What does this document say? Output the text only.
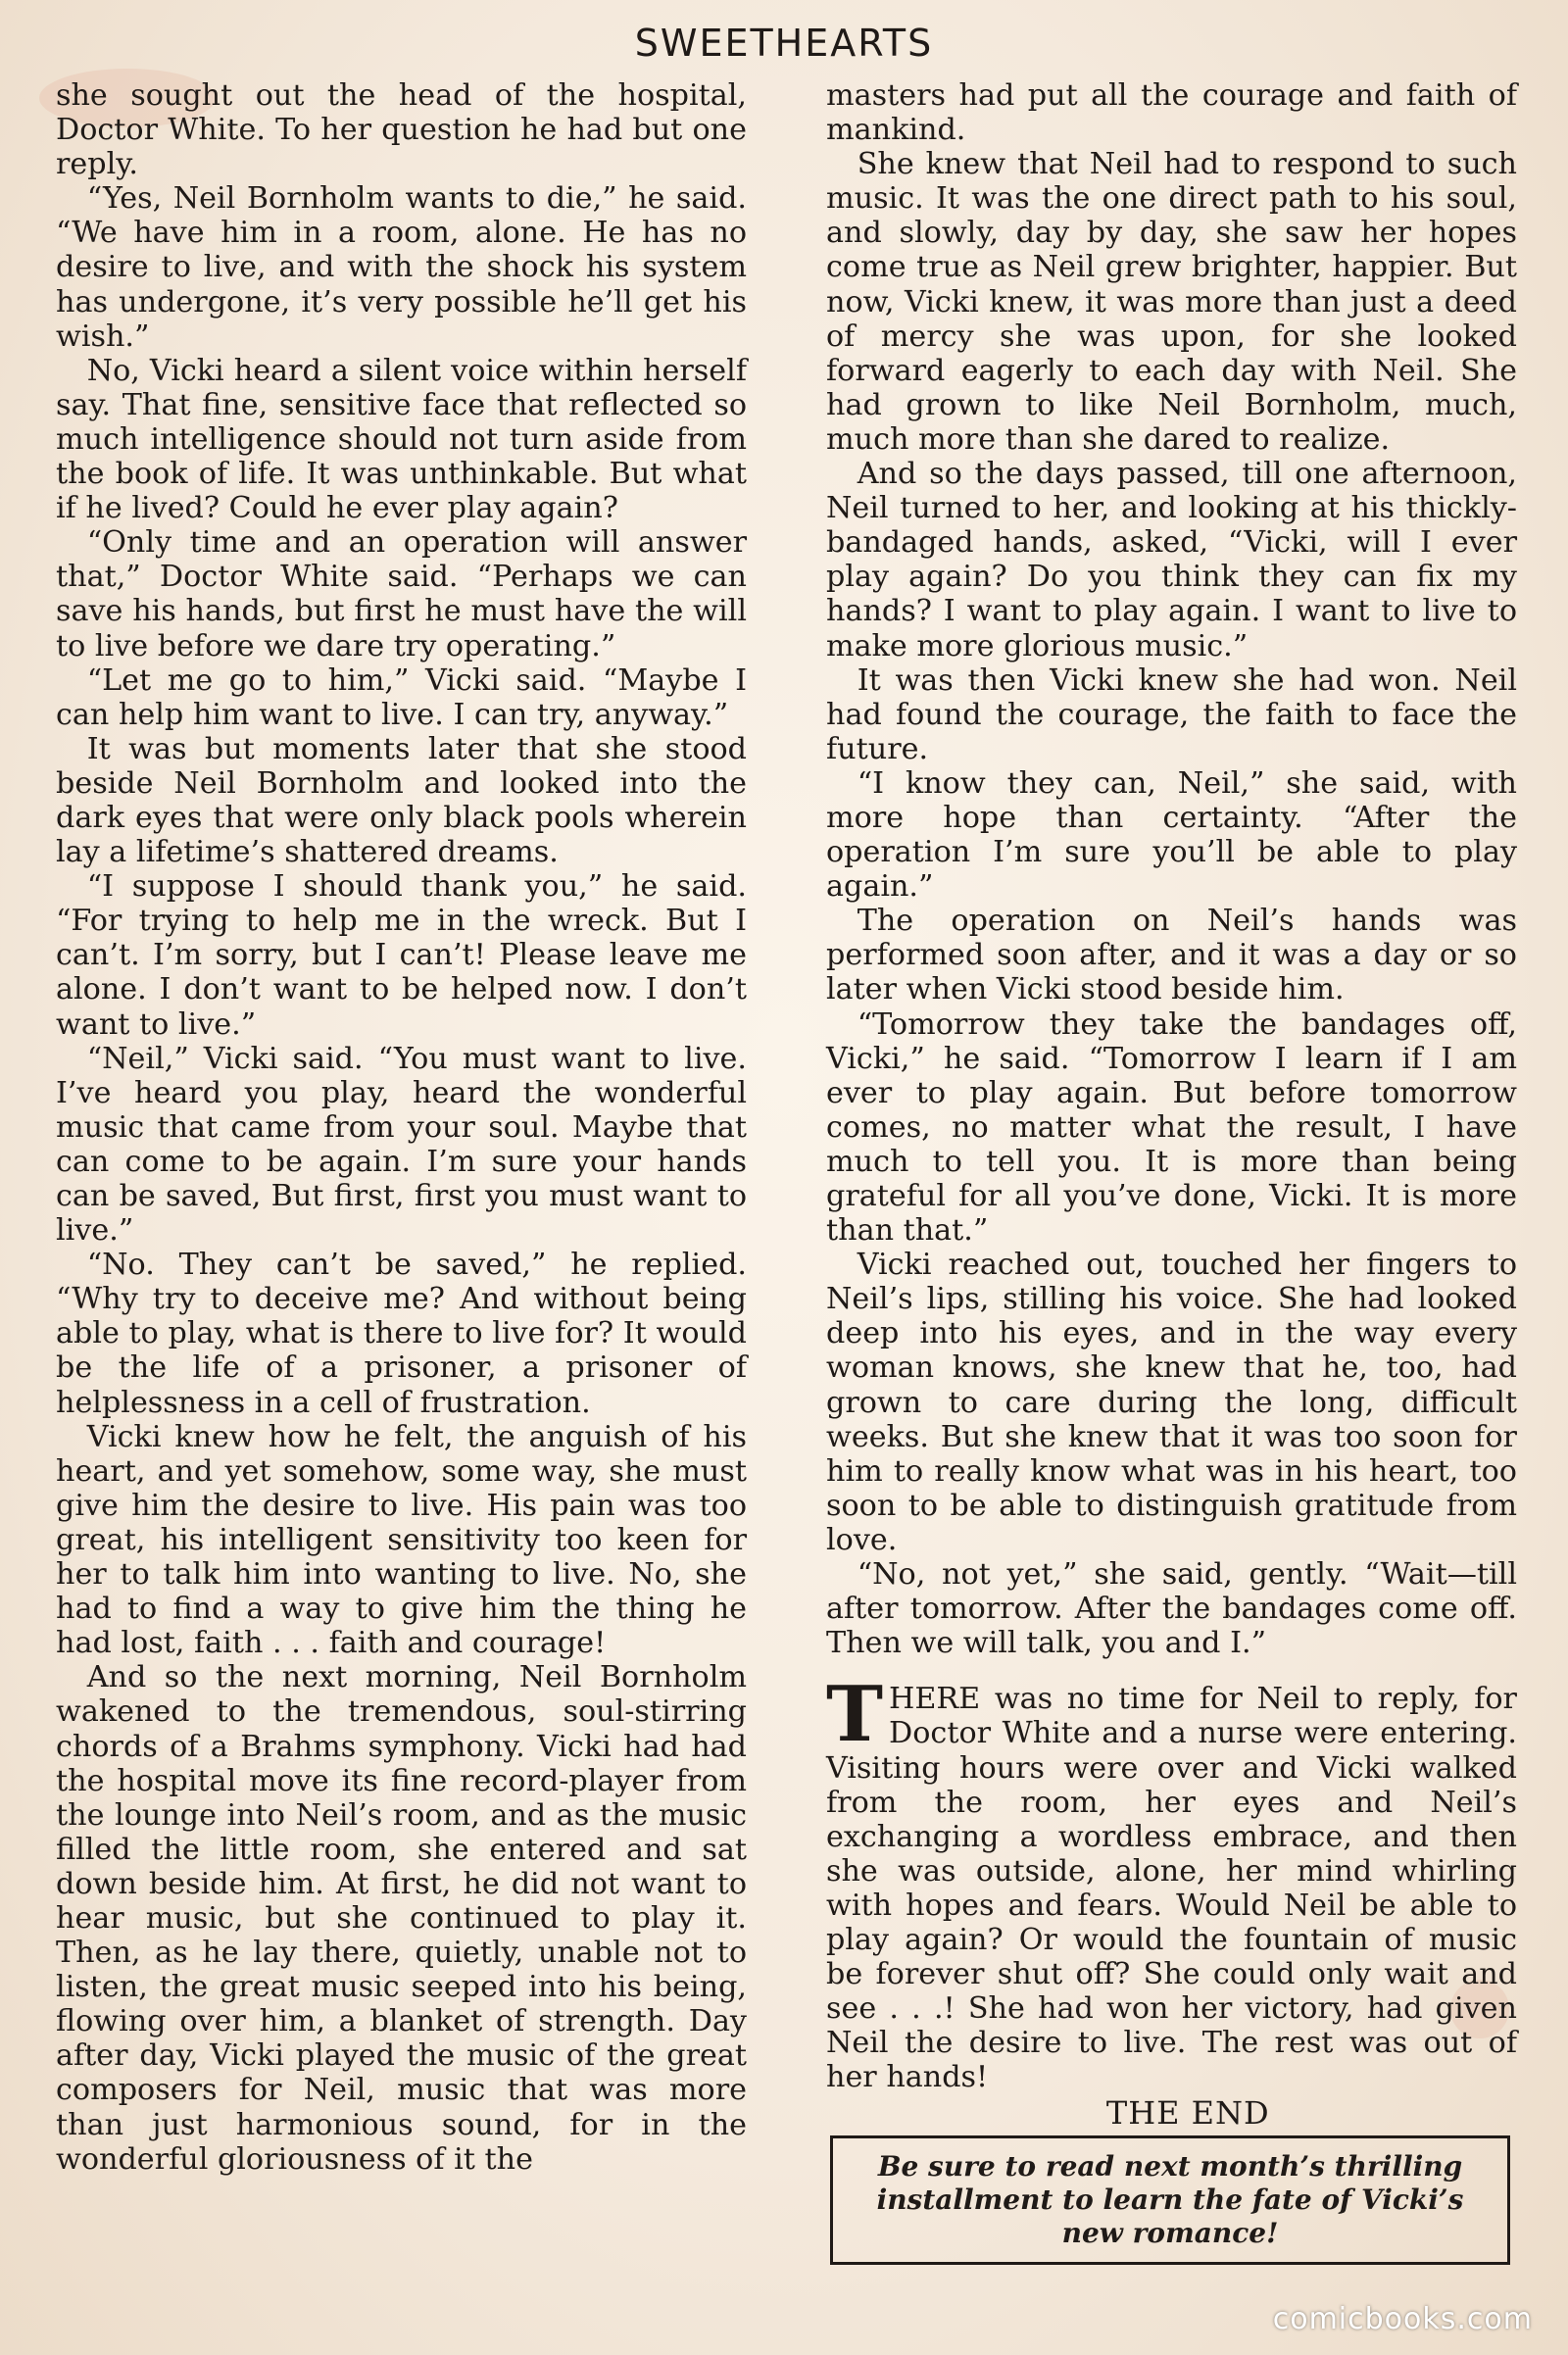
SWEETHEARTS

she sought out the head of the hospital, Doctor White. To her question he had but one reply.

“Yes, Neil Bornholm wants to die,” he said. “We have him in a room, alone. He has no desire to live, and with the shock his system has undergone, it’s very possible he’ll get his wish.”

No, Vicki heard a silent voice within herself say. That fine, sensitive face that reflected so much intelligence should not turn aside from the book of life. It was unthinkable. But what if he lived? Could he ever play again?

“Only time and an operation will answer that,” Doctor White said. “Perhaps we can save his hands, but first he must have the will to live before we dare try operating.”

“Let me go to him,” Vicki said. “Maybe I can help him want to live. I can try, anyway.”

It was but moments later that she stood beside Neil Bornholm and looked into the dark eyes that were only black pools wherein lay a lifetime’s shattered dreams.

“I suppose I should thank you,” he said. “For trying to help me in the wreck. But I can’t. I’m sorry, but I can’t! Please leave me alone. I don’t want to be helped now. I don’t want to live.”

“Neil,” Vicki said. “You must want to live. I’ve heard you play, heard the wonderful music that came from your soul. Maybe that can come to be again. I’m sure your hands can be saved, But first, first you must want to live.”

“No. They can’t be saved,” he replied. “Why try to deceive me? And without being able to play, what is there to live for? It would be the life of a prisoner, a prisoner of helplessness in a cell of frustration.

Vicki knew how he felt, the anguish of his heart, and yet somehow, some way, she must give him the desire to live. His pain was too great, his intelligent sensitivity too keen for her to talk him into wanting to live. No, she had to find a way to give him the thing he had lost, faith . . . faith and courage!

And so the next morning, Neil Bornholm wakened to the tremendous, soul-stirring chords of a Brahms symphony. Vicki had had the hospital move its fine record-player from the lounge into Neil’s room, and as the music filled the little room, she entered and sat down beside him. At first, he did not want to hear music, but she continued to play it. Then, as he lay there, quietly, unable not to listen, the great music seeped into his being, flowing over him, a blanket of strength. Day after day, Vicki played the music of the great composers for Neil, music that was more than just harmonious sound, for in the wonderful gloriousness of it the

masters had put all the courage and faith of mankind.

She knew that Neil had to respond to such music. It was the one direct path to his soul, and slowly, day by day, she saw her hopes come true as Neil grew brighter, happier. But now, Vicki knew, it was more than just a deed of mercy she was upon, for she looked forward eagerly to each day with Neil. She had grown to like Neil Bornholm, much, much more than she dared to realize.

And so the days passed, till one afternoon, Neil turned to her, and looking at his thickly-bandaged hands, asked, “Vicki, will I ever play again? Do you think they can fix my hands? I want to play again. I want to live to make more glorious music.”

It was then Vicki knew she had won. Neil had found the courage, the faith to face the future.

“I know they can, Neil,” she said, with more hope than certainty. “After the operation I’m sure you’ll be able to play again.”

The operation on Neil’s hands was performed soon after, and it was a day or so later when Vicki stood beside him.

“Tomorrow they take the bandages off, Vicki,” he said. “Tomorrow I learn if I am ever to play again. But before tomorrow comes, no matter what the result, I have much to tell you. It is more than being grateful for all you’ve done, Vicki. It is more than that.”

Vicki reached out, touched her fingers to Neil’s lips, stilling his voice. She had looked deep into his eyes, and in the way every woman knows, she knew that he, too, had grown to care during the long, difficult weeks. But she knew that it was too soon for him to really know what was in his heart, too soon to be able to distinguish gratitude from love.

“No, not yet,” she said, gently. “Wait—till after tomorrow. After the bandages come off. Then we will talk, you and I.”

THERE was no time for Neil to reply, for Doctor White and a nurse were entering. Visiting hours were over and Vicki walked from the room, her eyes and Neil’s exchanging a wordless embrace, and then she was outside, alone, her mind whirling with hopes and fears. Would Neil be able to play again? Or would the fountain of music be forever shut off? She could only wait and see . . .! She had won her victory, had given Neil the desire to live. The rest was out of her hands!

THE END

Be sure to read next month’s thrilling installment to learn the fate of Vicki’s new romance!
comicbooks.com
